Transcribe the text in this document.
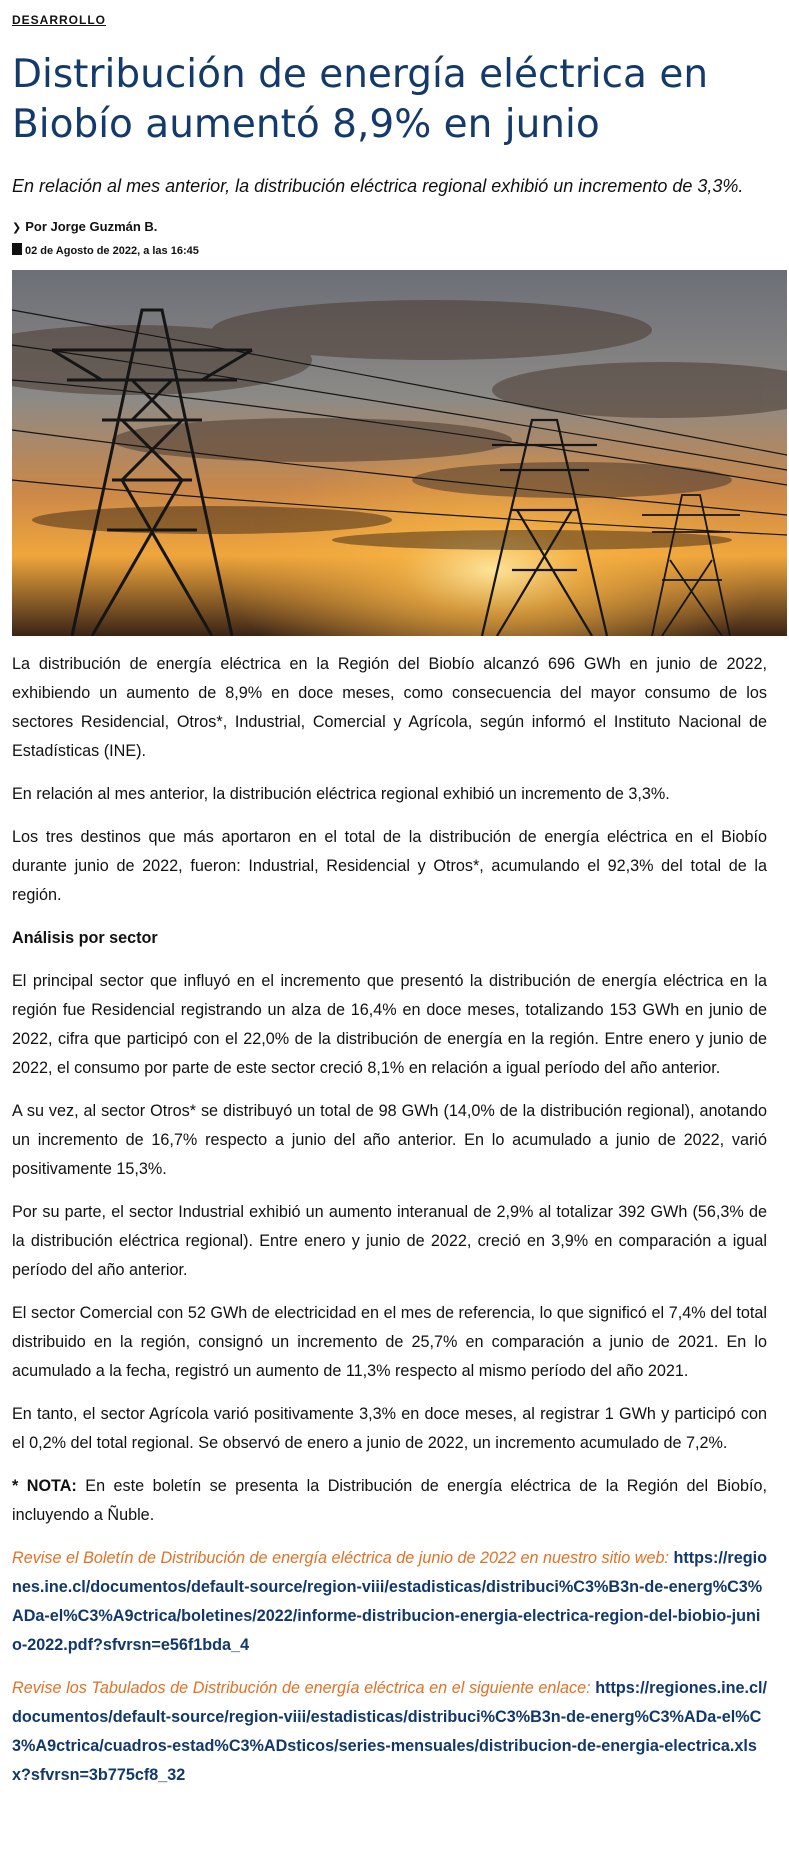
DESARROLLO
Distribución de energía eléctrica en Biobío aumentó 8,9% en junio

En relación al mes anterior, la distribución eléctrica regional exhibió un incremento de 3,3%.

❯ Por Jorge Guzmán B.
02 de Agosto de 2022, a las 16:45

La distribución de energía eléctrica en la Región del Biobío alcanzó 696 GWh en junio de 2022, exhibiendo un aumento de 8,9% en doce meses, como consecuencia del mayor consumo de los sectores Residencial, Otros*, Industrial, Comercial y Agrícola, según informó el Instituto Nacional de Estadísticas (INE).

En relación al mes anterior, la distribución eléctrica regional exhibió un incremento de 3,3%.

Los tres destinos que más aportaron en el total de la distribución de energía eléctrica en el Biobío durante junio de 2022, fueron: Industrial, Residencial y Otros*, acumulando el 92,3% del total de la región.

Análisis por sector

El principal sector que influyó en el incremento que presentó la distribución de energía eléctrica en la región fue Residencial registrando un alza de 16,4% en doce meses, totalizando 153 GWh en junio de 2022, cifra que participó con el 22,0% de la distribución de energía en la región. Entre enero y junio de 2022, el consumo por parte de este sector creció 8,1% en relación a igual período del año anterior.

A su vez, al sector Otros* se distribuyó un total de 98 GWh (14,0% de la distribución regional), anotando un incremento de 16,7% respecto a junio del año anterior. En lo acumulado a junio de 2022, varió positivamente 15,3%.

Por su parte, el sector Industrial exhibió un aumento interanual de 2,9% al totalizar 392 GWh (56,3% de la distribución eléctrica regional). Entre enero y junio de 2022, creció en 3,9% en comparación a igual período del año anterior.

El sector Comercial con 52 GWh de electricidad en el mes de referencia, lo que significó el 7,4% del total distribuido en la región, consignó un incremento de 25,7% en comparación a junio de 2021. En lo acumulado a la fecha, registró un aumento de 11,3% respecto al mismo período del año 2021.

En tanto, el sector Agrícola varió positivamente 3,3% en doce meses, al registrar 1 GWh y participó con el 0,2% del total regional. Se observó de enero a junio de 2022, un incremento acumulado de 7,2%.

* NOTA: En este boletín se presenta la Distribución de energía eléctrica de la Región del Biobío, incluyendo a Ñuble.

Revise el Boletín de Distribución de energía eléctrica de junio de 2022 en nuestro sitio web: https://regiones.ine.cl/documentos/default-source/region-viii/estadisticas/distribuci%C3%B3n-de-energ%C3%ADa-el%C3%A9ctrica/boletines/2022/informe-distribucion-energia-electrica-region-del-biobio-junio-2022.pdf?sfvrsn=e56f1bda_4

Revise los Tabulados de Distribución de energía eléctrica en el siguiente enlace: https://regiones.ine.cl/documentos/default-source/region-viii/estadisticas/distribuci%C3%B3n-de-energ%C3%ADa-el%C3%A9ctrica/cuadros-estad%C3%ADsticos/series-mensuales/distribucion-de-energia-electrica.xlsx?sfvrsn=3b775cf8_32
